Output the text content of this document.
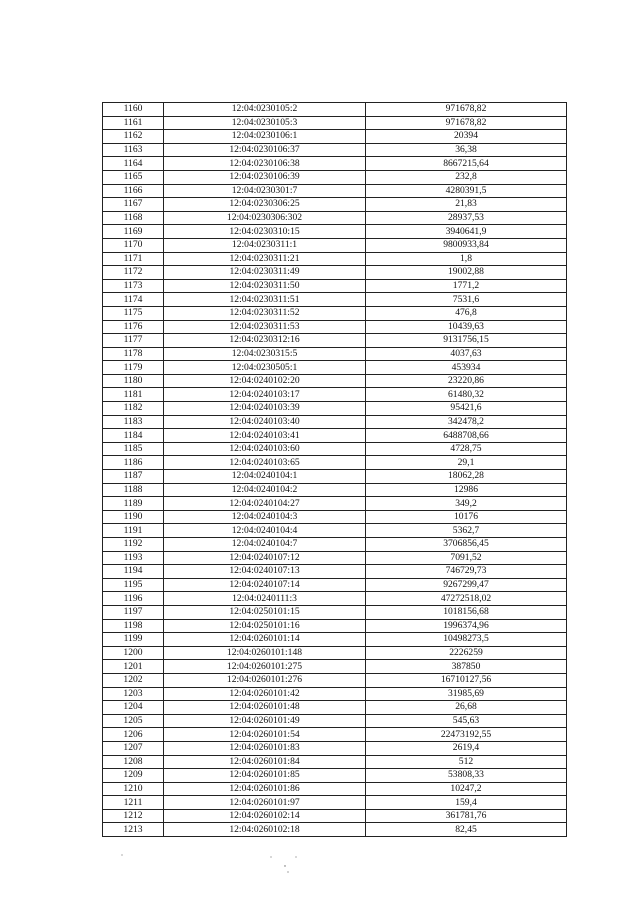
1160	12:04:0230105:2	971678,82
1161	12:04:0230105:3	971678,82
1162	12:04:0230106:1	20394
1163	12:04:0230106:37	36,38
1164	12:04:0230106:38	8667215,64
1165	12:04:0230106:39	232,8
1166	12:04:0230301:7	4280391,5
1167	12:04:0230306:25	21,83
1168	12:04:0230306:302	28937,53
1169	12:04:0230310:15	3940641,9
1170	12:04:0230311:1	9800933,84
1171	12:04:0230311:21	1,8
1172	12:04:0230311:49	19002,88
1173	12:04:0230311:50	1771,2
1174	12:04:0230311:51	7531,6
1175	12:04:0230311:52	476,8
1176	12:04:0230311:53	10439,63
1177	12:04:0230312:16	9131756,15
1178	12:04:0230315:5	4037,63
1179	12:04:0230505:1	453934
1180	12:04:0240102:20	23220,86
1181	12:04:0240103:17	61480,32
1182	12:04:0240103:39	95421,6
1183	12:04:0240103:40	342478,2
1184	12:04:0240103:41	6488708,66
1185	12:04:0240103:60	4728,75
1186	12:04:0240103:65	29,1
1187	12:04:0240104:1	18062,28
1188	12:04:0240104:2	12986
1189	12:04:0240104:27	349,2
1190	12:04:0240104:3	10176
1191	12:04:0240104:4	5362,7
1192	12:04:0240104:7	3706856,45
1193	12:04:0240107:12	7091,52
1194	12:04:0240107:13	746729,73
1195	12:04:0240107:14	9267299,47
1196	12:04:0240111:3	47272518,02
1197	12:04:0250101:15	1018156,68
1198	12:04:0250101:16	1996374,96
1199	12:04:0260101:14	10498273,5
1200	12:04:0260101:148	2226259
1201	12:04:0260101:275	387850
1202	12:04:0260101:276	16710127,56
1203	12:04:0260101:42	31985,69
1204	12:04:0260101:48	26,68
1205	12:04:0260101:49	545,63
1206	12:04:0260101:54	22473192,55
1207	12:04:0260101:83	2619,4
1208	12:04:0260101:84	512
1209	12:04:0260101:85	53808,33
1210	12:04:0260101:86	10247,2
1211	12:04:0260101:97	159,4
1212	12:04:0260102:14	361781,76
1213	12:04:0260102:18	82,45
